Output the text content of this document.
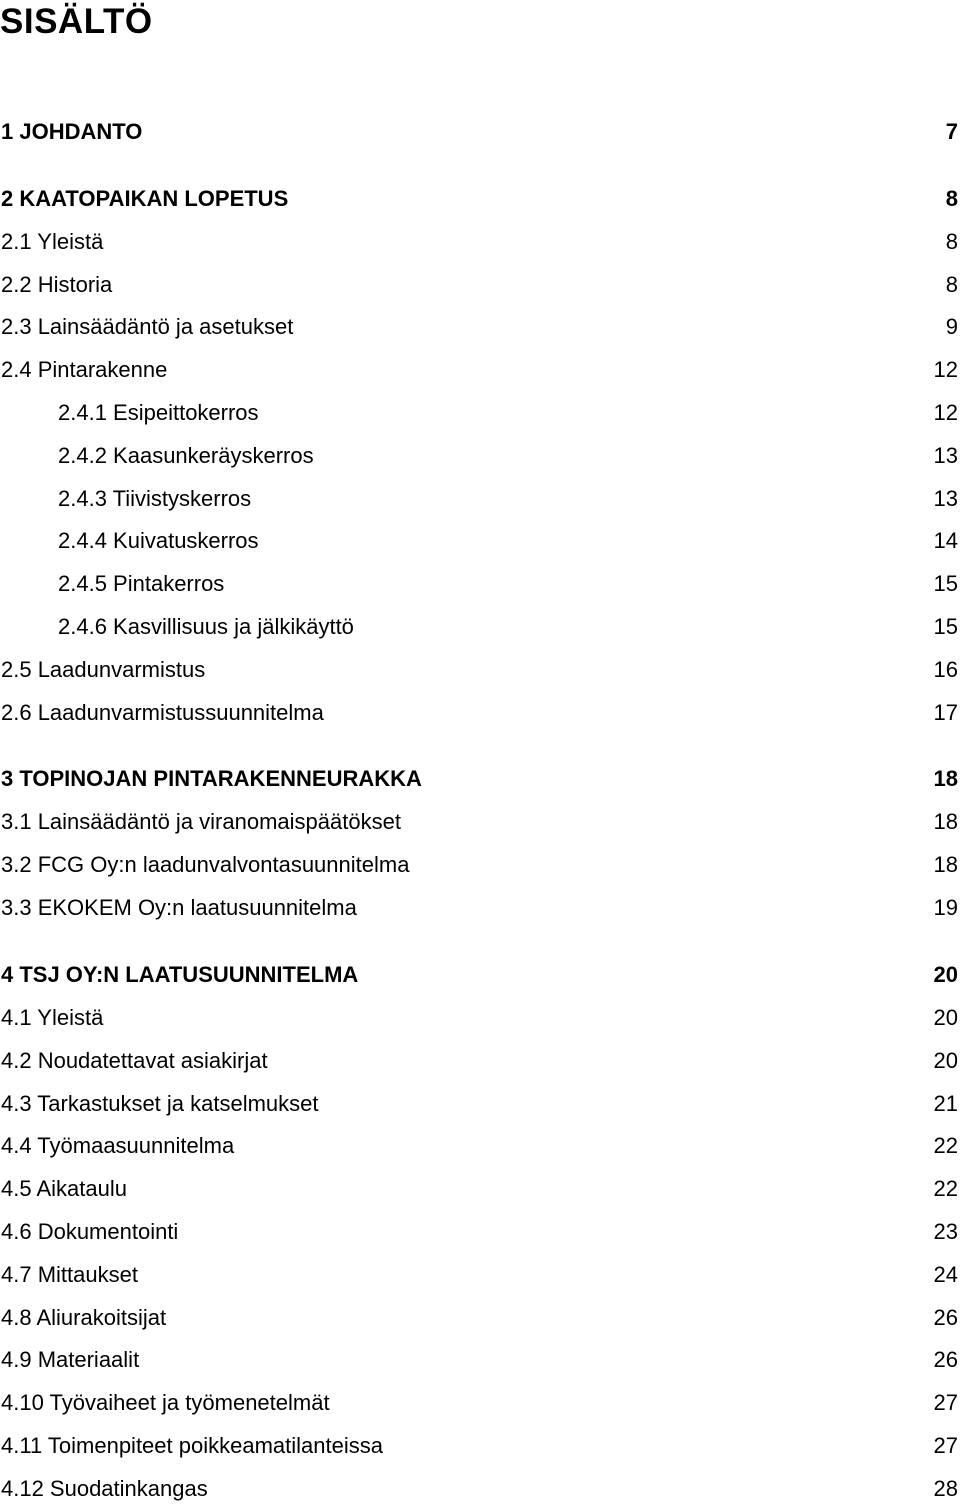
SISÄLTÖ
1 JOHDANTO	7
2 KAATOPAIKAN LOPETUS	8
2.1 Yleistä	8
2.2 Historia	8
2.3 Lainsäädäntö ja asetukset	9
2.4 Pintarakenne	12
2.4.1 Esipeittokerros	12
2.4.2 Kaasunkeräyskerros	13
2.4.3 Tiivistyskerros	13
2.4.4 Kuivatuskerros	14
2.4.5 Pintakerros	15
2.4.6 Kasvillisuus ja jälkikäyttö	15
2.5 Laadunvarmistus	16
2.6 Laadunvarmistussuunnitelma	17
3 TOPINOJAN PINTARAKENNEURAKKA	18
3.1 Lainsäädäntö ja viranomaispäätökset	18
3.2 FCG Oy:n laadunvalvontasuunnitelma	18
3.3 EKOKEM Oy:n laatusuunnitelma	19
4 TSJ OY:N LAATUSUUNNITELMA	20
4.1 Yleistä	20
4.2 Noudatettavat asiakirjat	20
4.3 Tarkastukset ja katselmukset	21
4.4 Työmaasuunnitelma	22
4.5 Aikataulu	22
4.6 Dokumentointi	23
4.7 Mittaukset	24
4.8 Aliurakoitsijat	26
4.9 Materiaalit	26
4.10 Työvaiheet ja työmenetelmät	27
4.11 Toimenpiteet poikkeamatilanteissa	27
4.12 Suodatinkangas	28
